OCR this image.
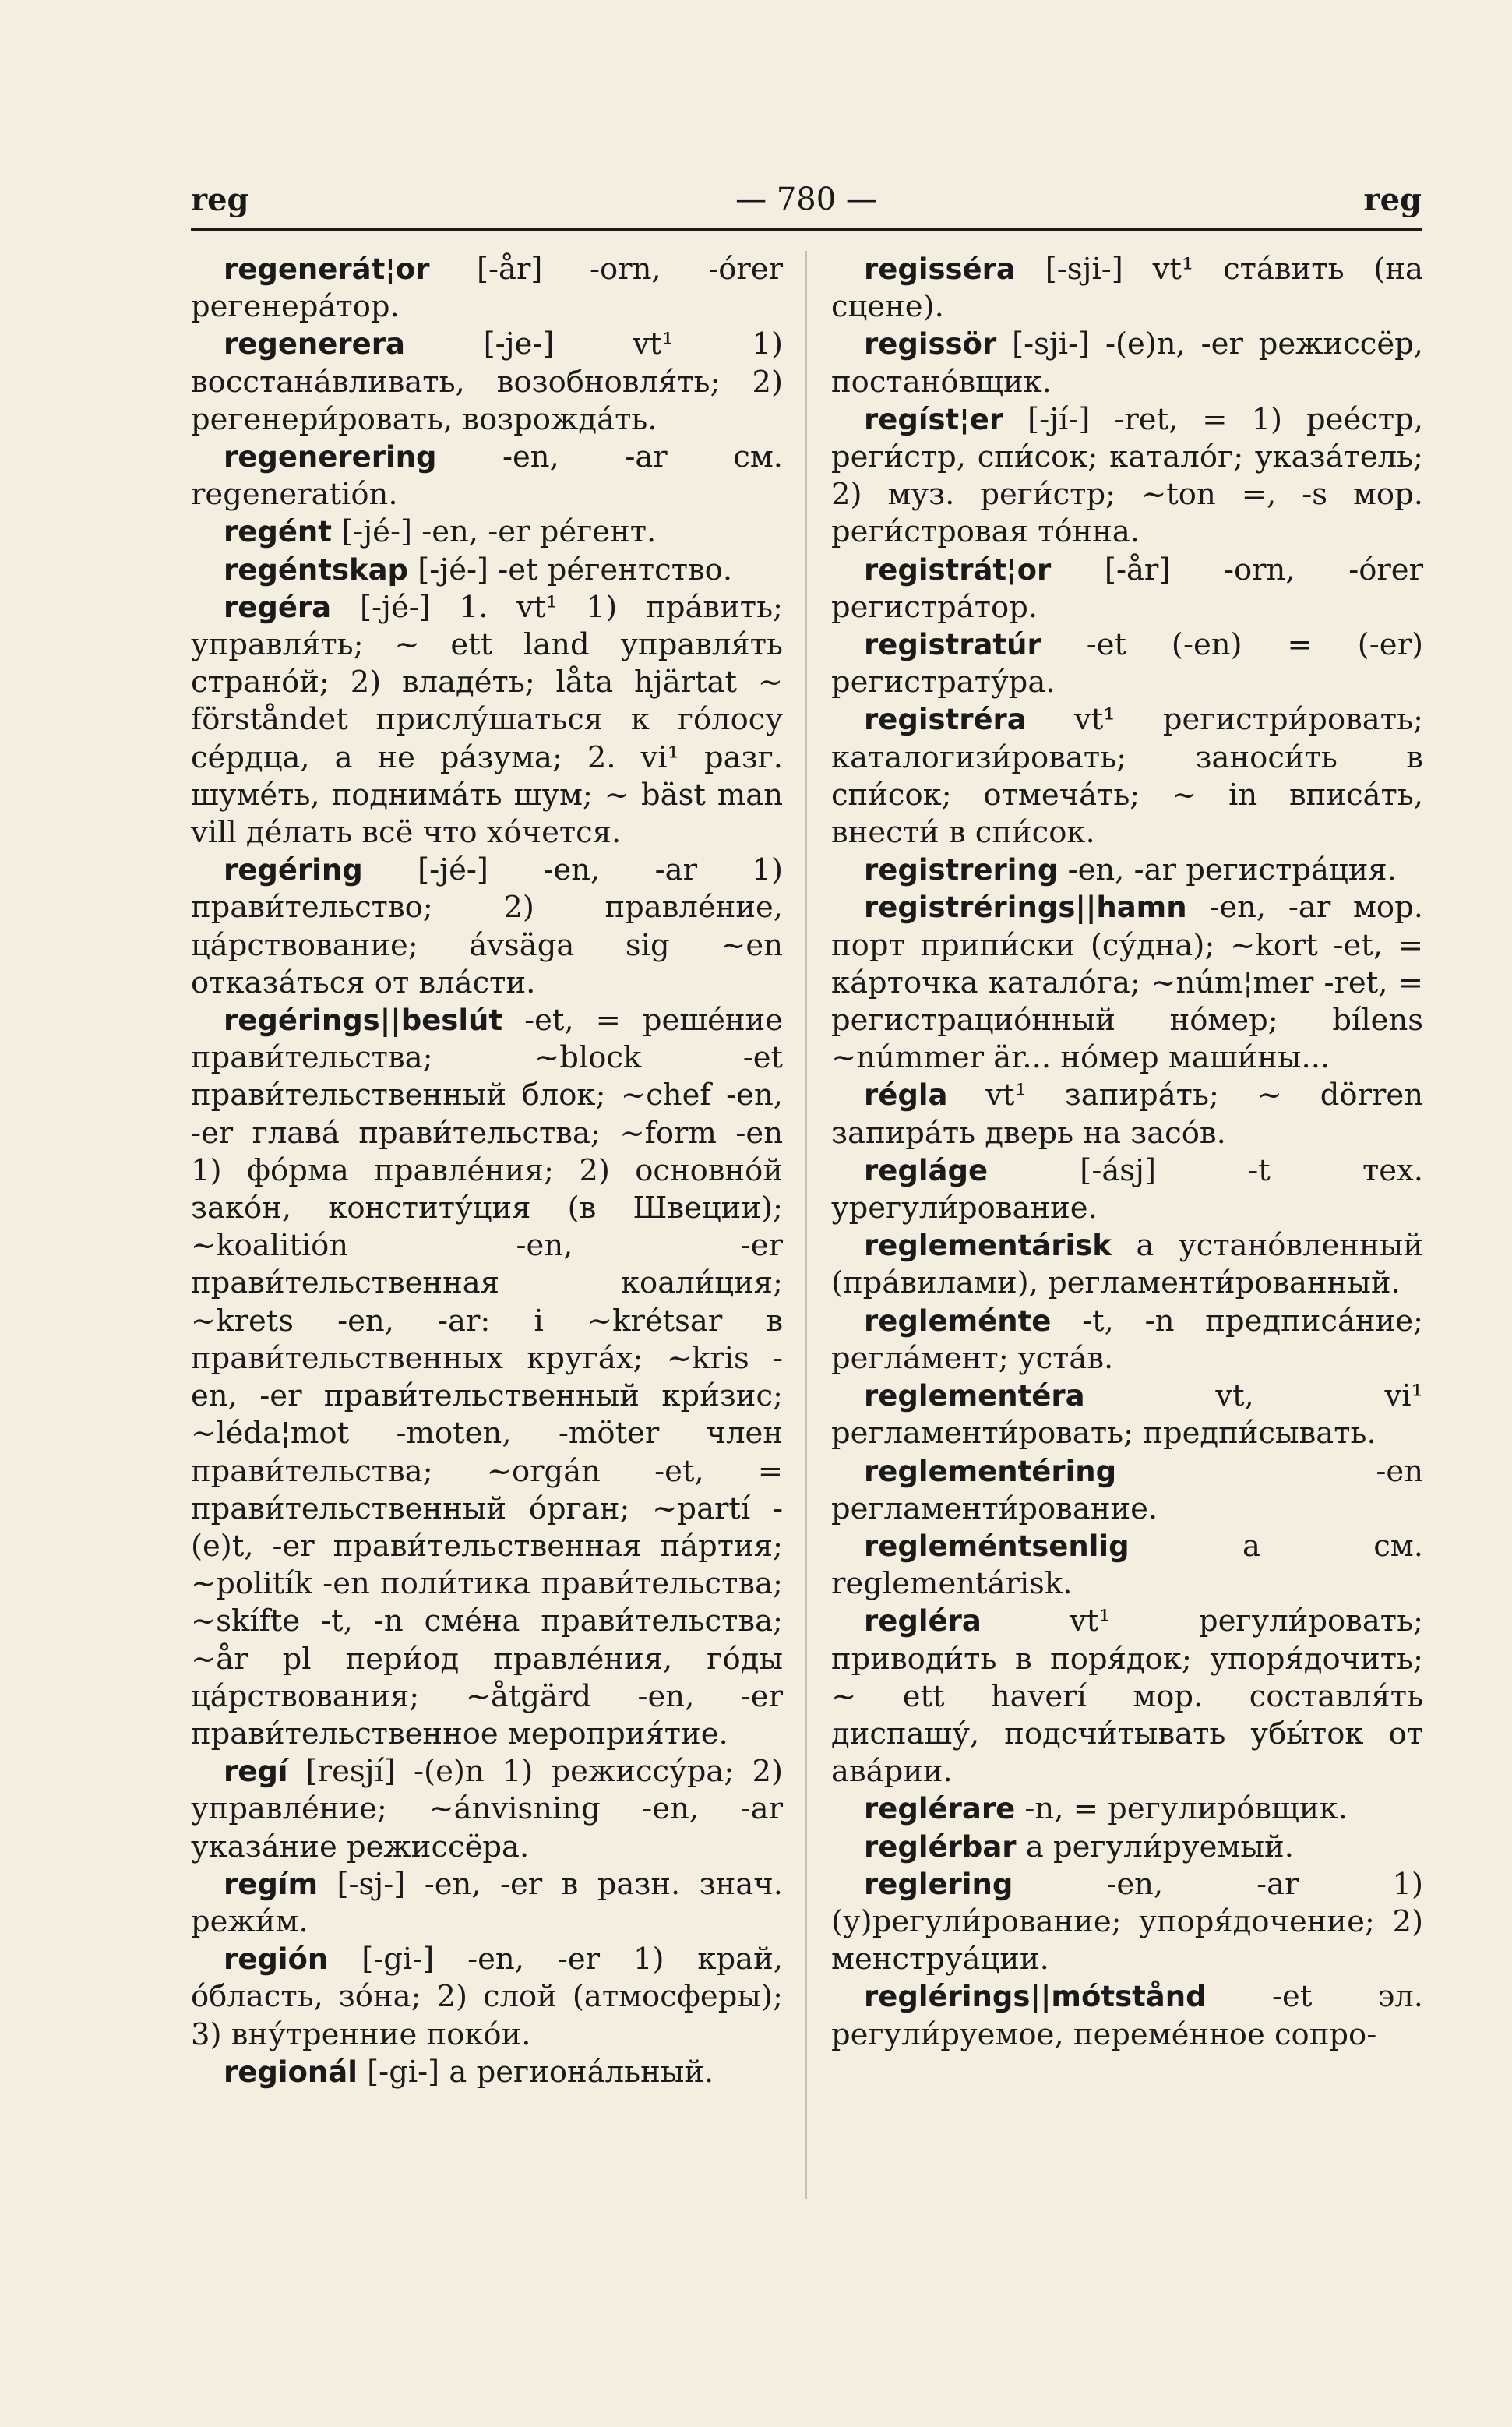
reg	— 780 —	reg

regenerát¦or [-år] -orn, -órer регенера́тор.

regenerera [-je-] vt¹ 1) восстана́вливать, возобновля́ть; 2) регенери́ровать, возрожда́ть.

regenerering -en, -ar см. regeneratión.

regént [-jé-] -en, -er ре́гент.

regéntskap [-jé-] -et ре́гентство.

regéra [-jé-] 1. vt¹ 1) пра́вить; управля́ть; ~ ett land управля́ть страно́й; 2) владе́ть; låta hjärtat ~ förståndet прислу́шаться к го́лосу се́рдца, а не ра́зума; 2. vi¹ разг. шуме́ть, поднима́ть шум; ~ bäst man vill де́лать всё что хо́чется.

regéring [-jé-] -en, -ar 1) прави́тельство; 2) правле́ние, ца́рствование; ávsäga sig ~en отказа́ться от вла́сти.

regérings||beslút -et, = реше́ние прави́тельства; ~block -et прави́тельственный блок; ~chef -en, -er глава́ прави́тельства; ~form -en 1) фо́рма правле́ния; 2) основно́й зако́н, конститу́ция (в Швеции); ~koalitión -en, -er прави́тельственная коали́ция; ~krets -en, -ar: i ~krétsar в прави́тельственных круга́х; ~kris -en, -er прави́тельственный кри́зис; ~léda¦mot -moten, -möter член прави́тельства; ~orgán -et, = прави́тельственный о́рган; ~partí -(e)t, -er прави́тельственная па́ртия; ~politík -en поли́тика прави́тельства; ~skífte -t, -n сме́на прави́тельства; ~år pl пери́од правле́ния, го́ды ца́рствования; ~åtgärd -en, -er прави́тельственное мероприя́тие.

regí [resjí] -(e)n 1) режиссу́ра; 2) управле́ние; ~ánvisning -en, -ar указа́ние режиссёра.

regím [-sj-] -en, -er в разн. знач. режи́м.

región [-gi-] -en, -er 1) край, о́бласть, зо́на; 2) слой (атмосферы); 3) вну́тренние поко́и.

regionál [-gi-] a региона́льный.

regisséra [-sji-] vt¹ ста́вить (на сцене).

regissör [-sji-] -(e)n, -er режиссёр, постано́вщик.

regíst¦er [-jí-] -ret, = 1) рее́стр, реги́стр, спи́сок; катало́г; указа́тель; 2) муз. реги́стр; ~ton =, -s мор. реги́стровая то́нна.

registrát¦or [-år] -orn, -órer регистра́тор.

registratúr -et (-en) = (-er) регистрату́ра.

registréra vt¹ регистри́ровать; каталогизи́ровать; заноси́ть в спи́сок; отмеча́ть; ~ in вписа́ть, внести́ в спи́сок.

registrering -en, -ar регистра́ция.

registrérings||hamn -en, -ar мор. порт припи́ски (су́дна); ~kort -et, = ка́рточка катало́га; ~núm¦mer -ret, = регистрацио́нный но́мер; bílens ~númmer är... но́мер маши́ны...

régla vt¹ запира́ть; ~ dörren запира́ть дверь на засо́в.

regláge [-ásj] -t тех. урегули́рование.

reglementárisk a устано́вленный (пра́вилами), регламенти́рованный.

regleménte -t, -n предписа́ние; регла́мент; уста́в.

reglementéra vt, vi¹ регламенти́ровать; предпи́сывать.

reglementéring -en регламенти́рование.

regleméntsenlig a см. reglementárisk.

regléra vt¹ регули́ровать; приводи́ть в поря́док; упоря́дочить; ~ ett haverí мор. составля́ть диспашу́, подсчи́тывать убы́ток от ава́рии.

reglérare -n, = регулиро́вщик.

reglérbar a регули́руемый.

reglering -en, -ar 1) (у)регули́рование; упоря́дочение; 2) менструа́ции.

reglérings||mótstånd -et эл. регули́руемое, переме́нное сопро-
